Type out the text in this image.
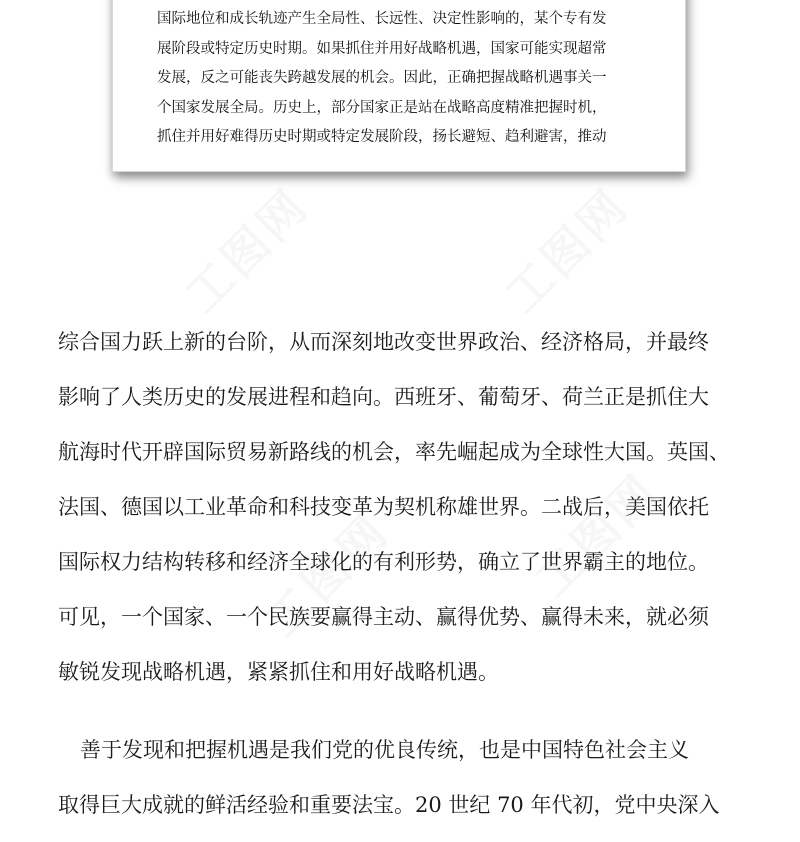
工图网	工图网
工图网	工图网
国际地位和成长轨迹产生全局性、长远性、决定性影响的，某个专有发
展阶段或特定历史时期。如果抓住并用好战略机遇，国家可能实现超常
发展，反之可能丧失跨越发展的机会。因此，正确把握战略机遇事关一
个国家发展全局。历史上，部分国家正是站在战略高度精准把握时机，
抓住并用好难得历史时期或特定发展阶段，扬长避短、趋利避害，推动
综合国力跃上新的台阶，从而深刻地改变世界政治、经济格局，并最终
影响了人类历史的发展进程和趋向。西班牙、葡萄牙、荷兰正是抓住大
航海时代开辟国际贸易新路线的机会，率先崛起成为全球性大国。英国、
法国、德国以工业革命和科技变革为契机称雄世界。二战后，美国依托
国际权力结构转移和经济全球化的有利形势，确立了世界霸主的地位。
可见，一个国家、一个民族要赢得主动、赢得优势、赢得未来，就必须
敏锐发现战略机遇，紧紧抓住和用好战略机遇。
善于发现和把握机遇是我们党的优良传统，也是中国特色社会主义
取得巨大成就的鲜活经验和重要法宝。20 世纪 70 年代初，党中央深入
